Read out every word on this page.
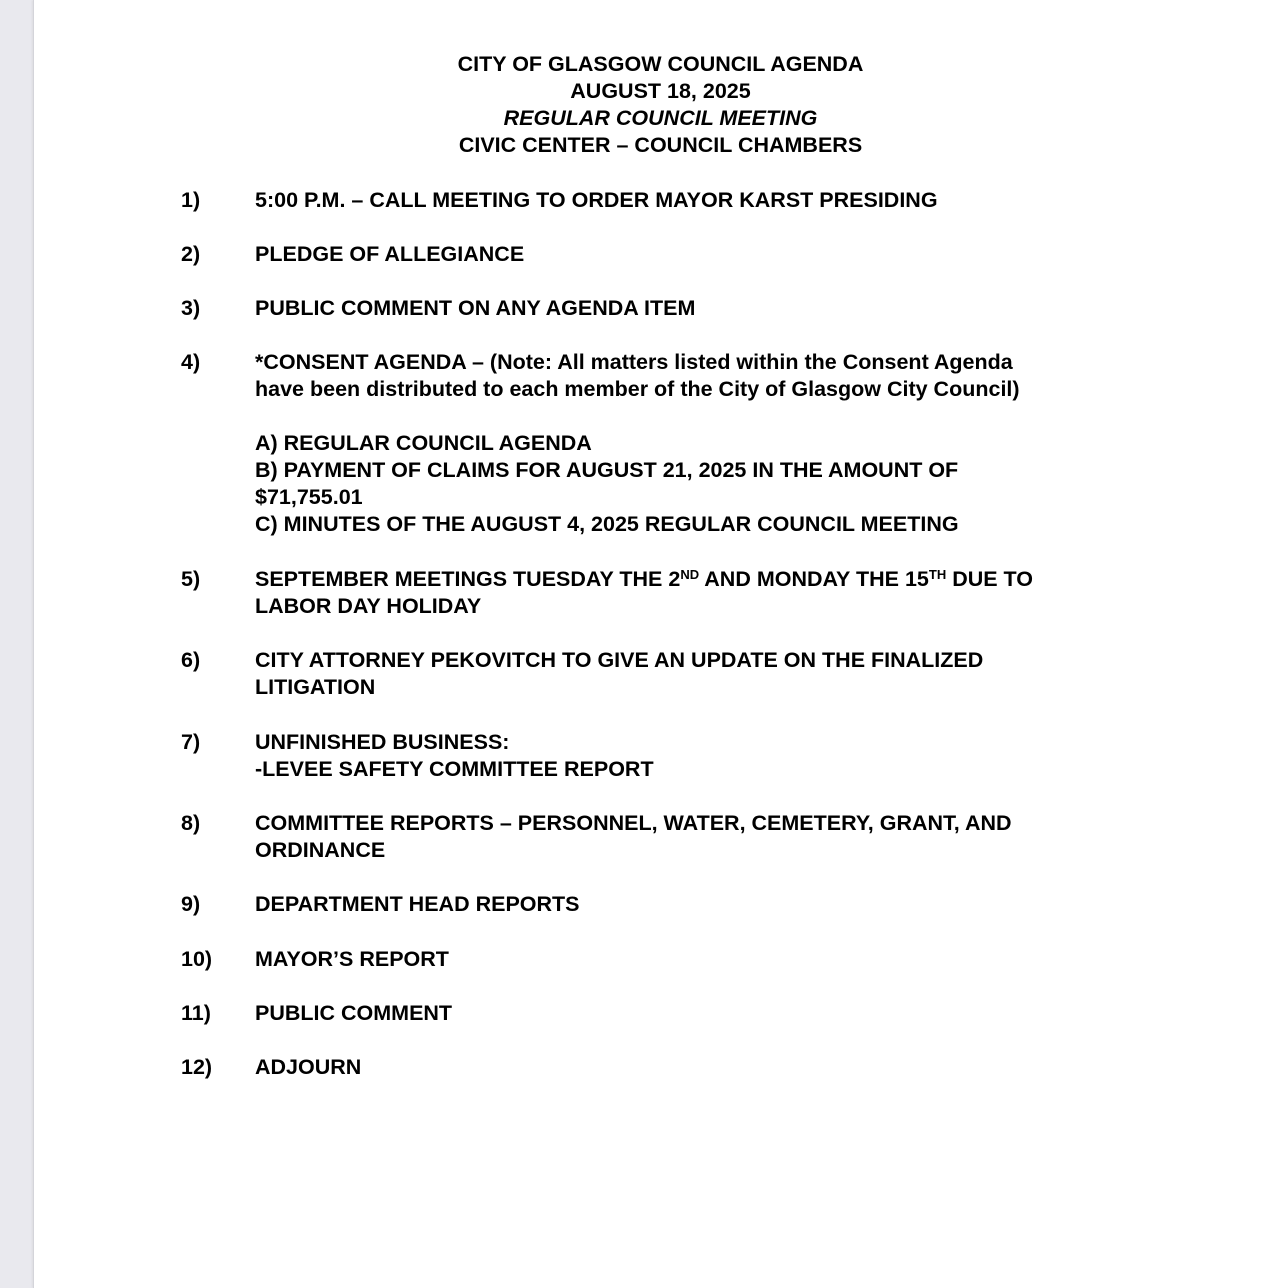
CITY OF GLASGOW COUNCIL AGENDA
AUGUST 18, 2025
REGULAR COUNCIL MEETING
CIVIC CENTER – COUNCIL CHAMBERS
1)	5:00 P.M. – CALL MEETING TO ORDER MAYOR KARST PRESIDING
2)	PLEDGE OF ALLEGIANCE
3)	PUBLIC COMMENT ON ANY AGENDA ITEM
4)	*CONSENT AGENDA – (Note: All matters listed within the Consent Agenda
have been distributed to each member of the City of Glasgow City Council)
A) REGULAR COUNCIL AGENDA
B) PAYMENT OF CLAIMS FOR AUGUST 21, 2025 IN THE AMOUNT OF
$71,755.01
C) MINUTES OF THE AUGUST 4, 2025 REGULAR COUNCIL MEETING
5)	SEPTEMBER MEETINGS TUESDAY THE 2ND AND MONDAY THE 15TH DUE TO
LABOR DAY HOLIDAY
6)	CITY ATTORNEY PEKOVITCH TO GIVE AN UPDATE ON THE FINALIZED
LITIGATION
7)	UNFINISHED BUSINESS:
-LEVEE SAFETY COMMITTEE REPORT
8)	COMMITTEE REPORTS – PERSONNEL, WATER, CEMETERY, GRANT, AND
ORDINANCE
9)	DEPARTMENT HEAD REPORTS
10) MAYOR’S REPORT
11) PUBLIC COMMENT
12) ADJOURN
